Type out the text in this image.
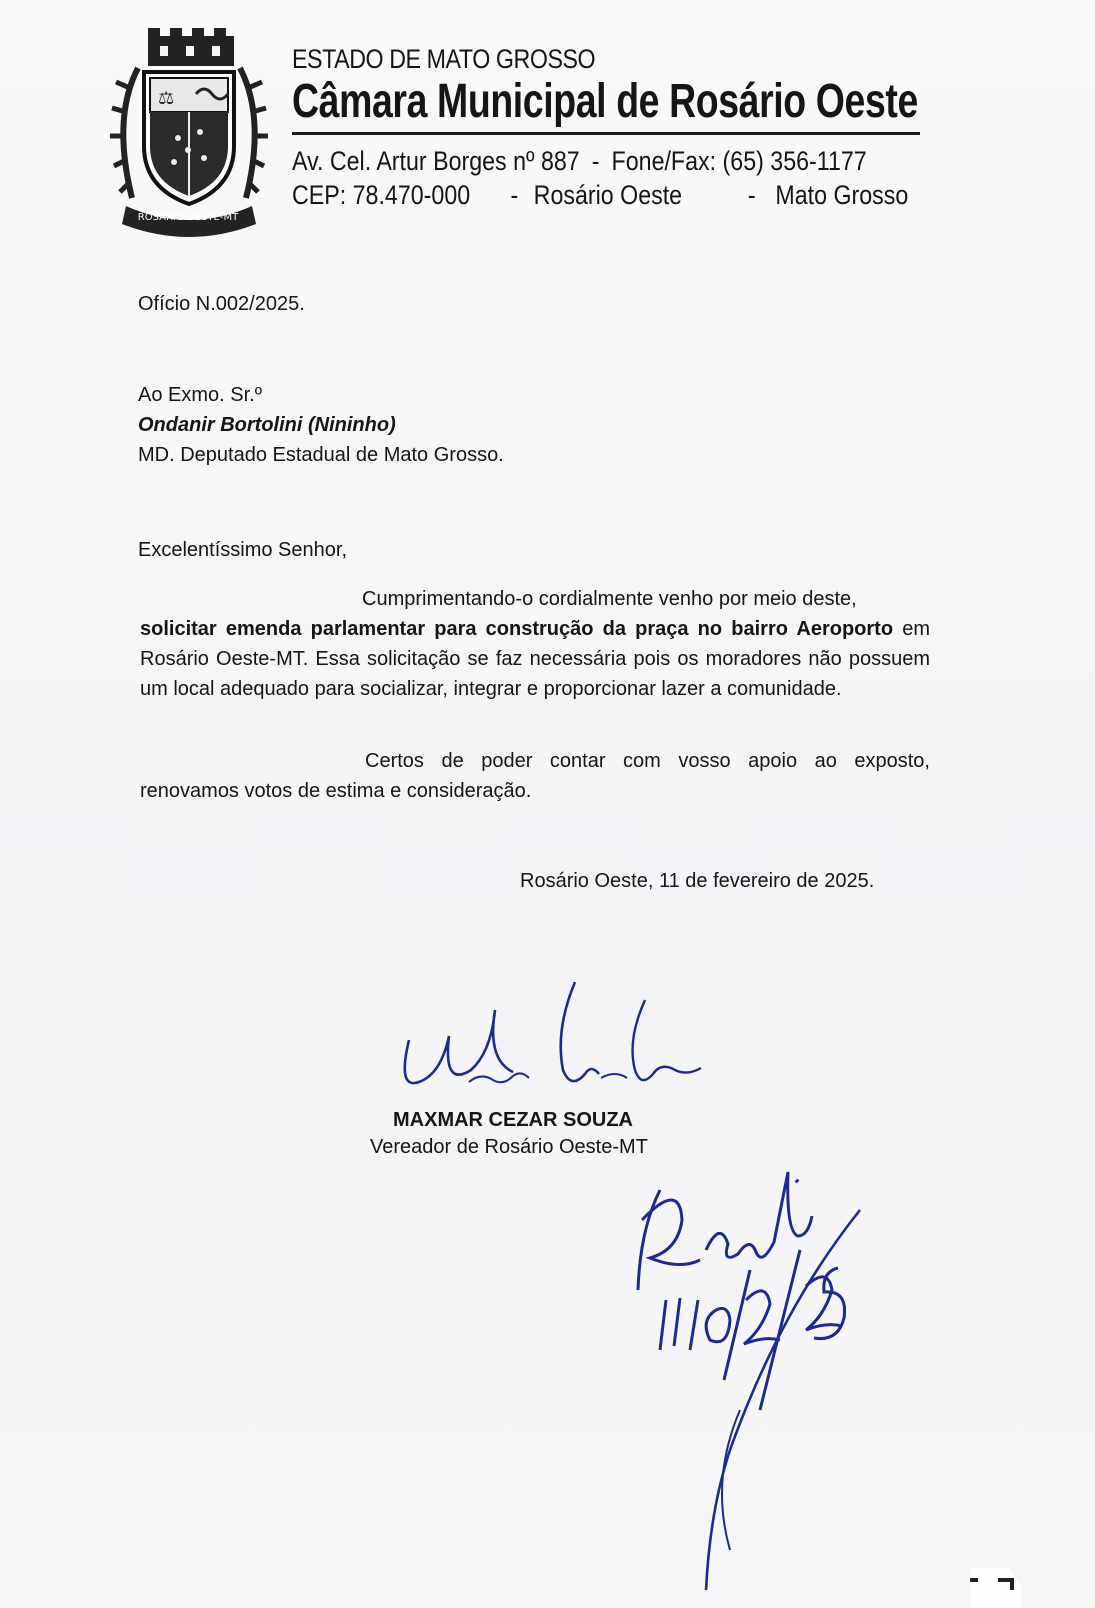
⚖
ROSÁRIO OESTE-MT
ESTADO DE MATO GROSSO
Câmara Municipal de Rosário Oeste
Av. Cel. Artur Borges nº 887 - Fone/Fax: (65) 356-1177
CEP: 78.470-000 - Rosário Oeste - Mato Grosso
Ofício N.002/2025.
Ao Exmo. Sr.º
Ondanir Bortolini (Nininho)
MD. Deputado Estadual de Mato Grosso.
Excelentíssimo Senhor,
Cumprimentando-o cordialmente venho por meio deste,
solicitar emenda parlamentar para construção da praça no bairro Aeroporto em Rosário Oeste-MT. Essa solicitação se faz necessária pois os moradores não possuem um local adequado para socializar, integrar e proporcionar lazer a comunidade.
Certos de poder contar com vosso apoio ao exposto, renovamos votos de estima e consideração.
Rosário Oeste, 11 de fevereiro de 2025.
MAXMAR CEZAR SOUZA
Vereador de Rosário Oeste-MT
